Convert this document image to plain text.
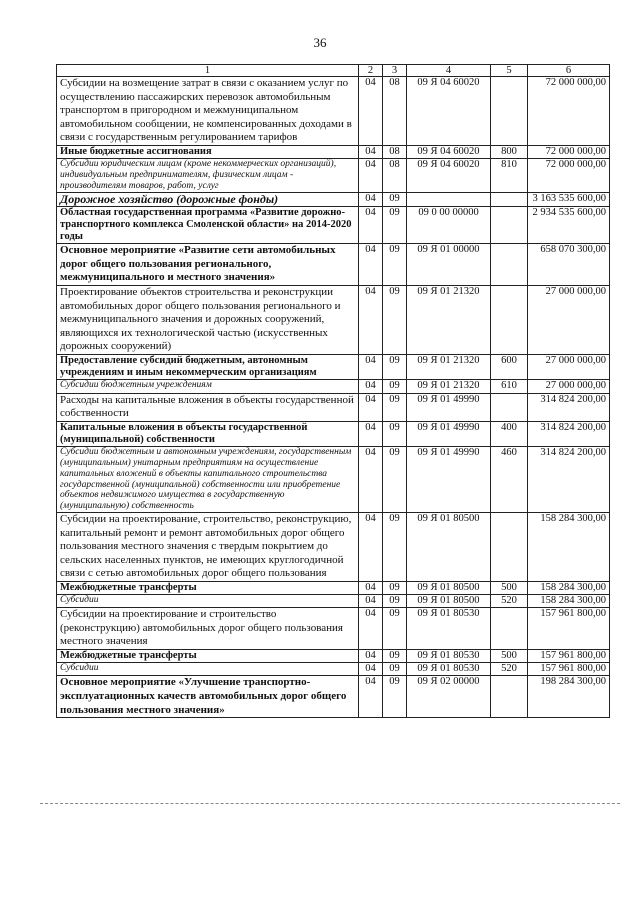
36
1	2	3	4	5	6
Субсидии на возмещение затрат в связи с оказанием услуг по осуществлению пассажирских перевозок автомобильным транспортом в пригородном и межмуниципальном автомобильном сообщении, не компенсированных доходами в связи с государственным регулированием тарифов	04	08	09 Я 04 60020		72 000 000,00
Иные бюджетные ассигнования	04	08	09 Я 04 60020	800	72 000 000,00
Субсидии юридическим лицам (кроме некоммерческих организаций), индивидуальным предпринимателям, физическим лицам - производителям товаров, работ, услуг	04	08	09 Я 04 60020	810	72 000 000,00
Дорожное хозяйство (дорожные фонды)	04	09			3 163 535 600,00
Областная государственная программа «Развитие дорожно-транспортного комплекса Смоленской области» на 2014-2020 годы	04	09	09 0 00 00000		2 934 535 600,00
Основное мероприятие «Развитие сети автомобильных дорог общего пользования регионального, межмуниципального и местного значения»	04	09	09 Я 01 00000		658 070 300,00
Проектирование объектов строительства и реконструкции автомобильных дорог общего пользования регионального и межмуниципального значения и дорожных сооружений, являющихся их технологической частью (искусственных дорожных сооружений)	04	09	09 Я 01 21320		27 000 000,00
Предоставление субсидий бюджетным, автономным учреждениям и иным некоммерческим организациям	04	09	09 Я 01 21320	600	27 000 000,00
Субсидии бюджетным учреждениям	04	09	09 Я 01 21320	610	27 000 000,00
Расходы на капитальные вложения в объекты государственной собственности	04	09	09 Я 01 49990		314 824 200,00
Капитальные вложения в объекты государственной (муниципальной) собственности	04	09	09 Я 01 49990	400	314 824 200,00
Субсидии бюджетным и автономным учреждениям, государственным (муниципальным) унитарным предприятиям на осуществление капитальных вложений в объекты капитального строительства государственной (муниципальной) собственности или приобретение объектов недвижимого имущества в государственную (муниципальную) собственность	04	09	09 Я 01 49990	460	314 824 200,00
Субсидии на проектирование, строительство, реконструкцию, капитальный ремонт и ремонт автомобильных дорог общего пользования местного значения с твердым покрытием до сельских населенных пунктов, не имеющих круглогодичной связи с сетью автомобильных дорог общего пользования	04	09	09 Я 01 80500		158 284 300,00
Межбюджетные трансферты	04	09	09 Я 01 80500	500	158 284 300,00
Субсидии	04	09	09 Я 01 80500	520	158 284 300,00
Субсидии на проектирование и строительство (реконструкцию) автомобильных дорог общего пользования местного значения	04	09	09 Я 01 80530		157 961 800,00
Межбюджетные трансферты	04	09	09 Я 01 80530	500	157 961 800,00
Субсидии	04	09	09 Я 01 80530	520	157 961 800,00
Основное мероприятие «Улучшение транспортно-эксплуатационных качеств автомобильных дорог общего пользования местного значения»	04	09	09 Я 02 00000		198 284 300,00
